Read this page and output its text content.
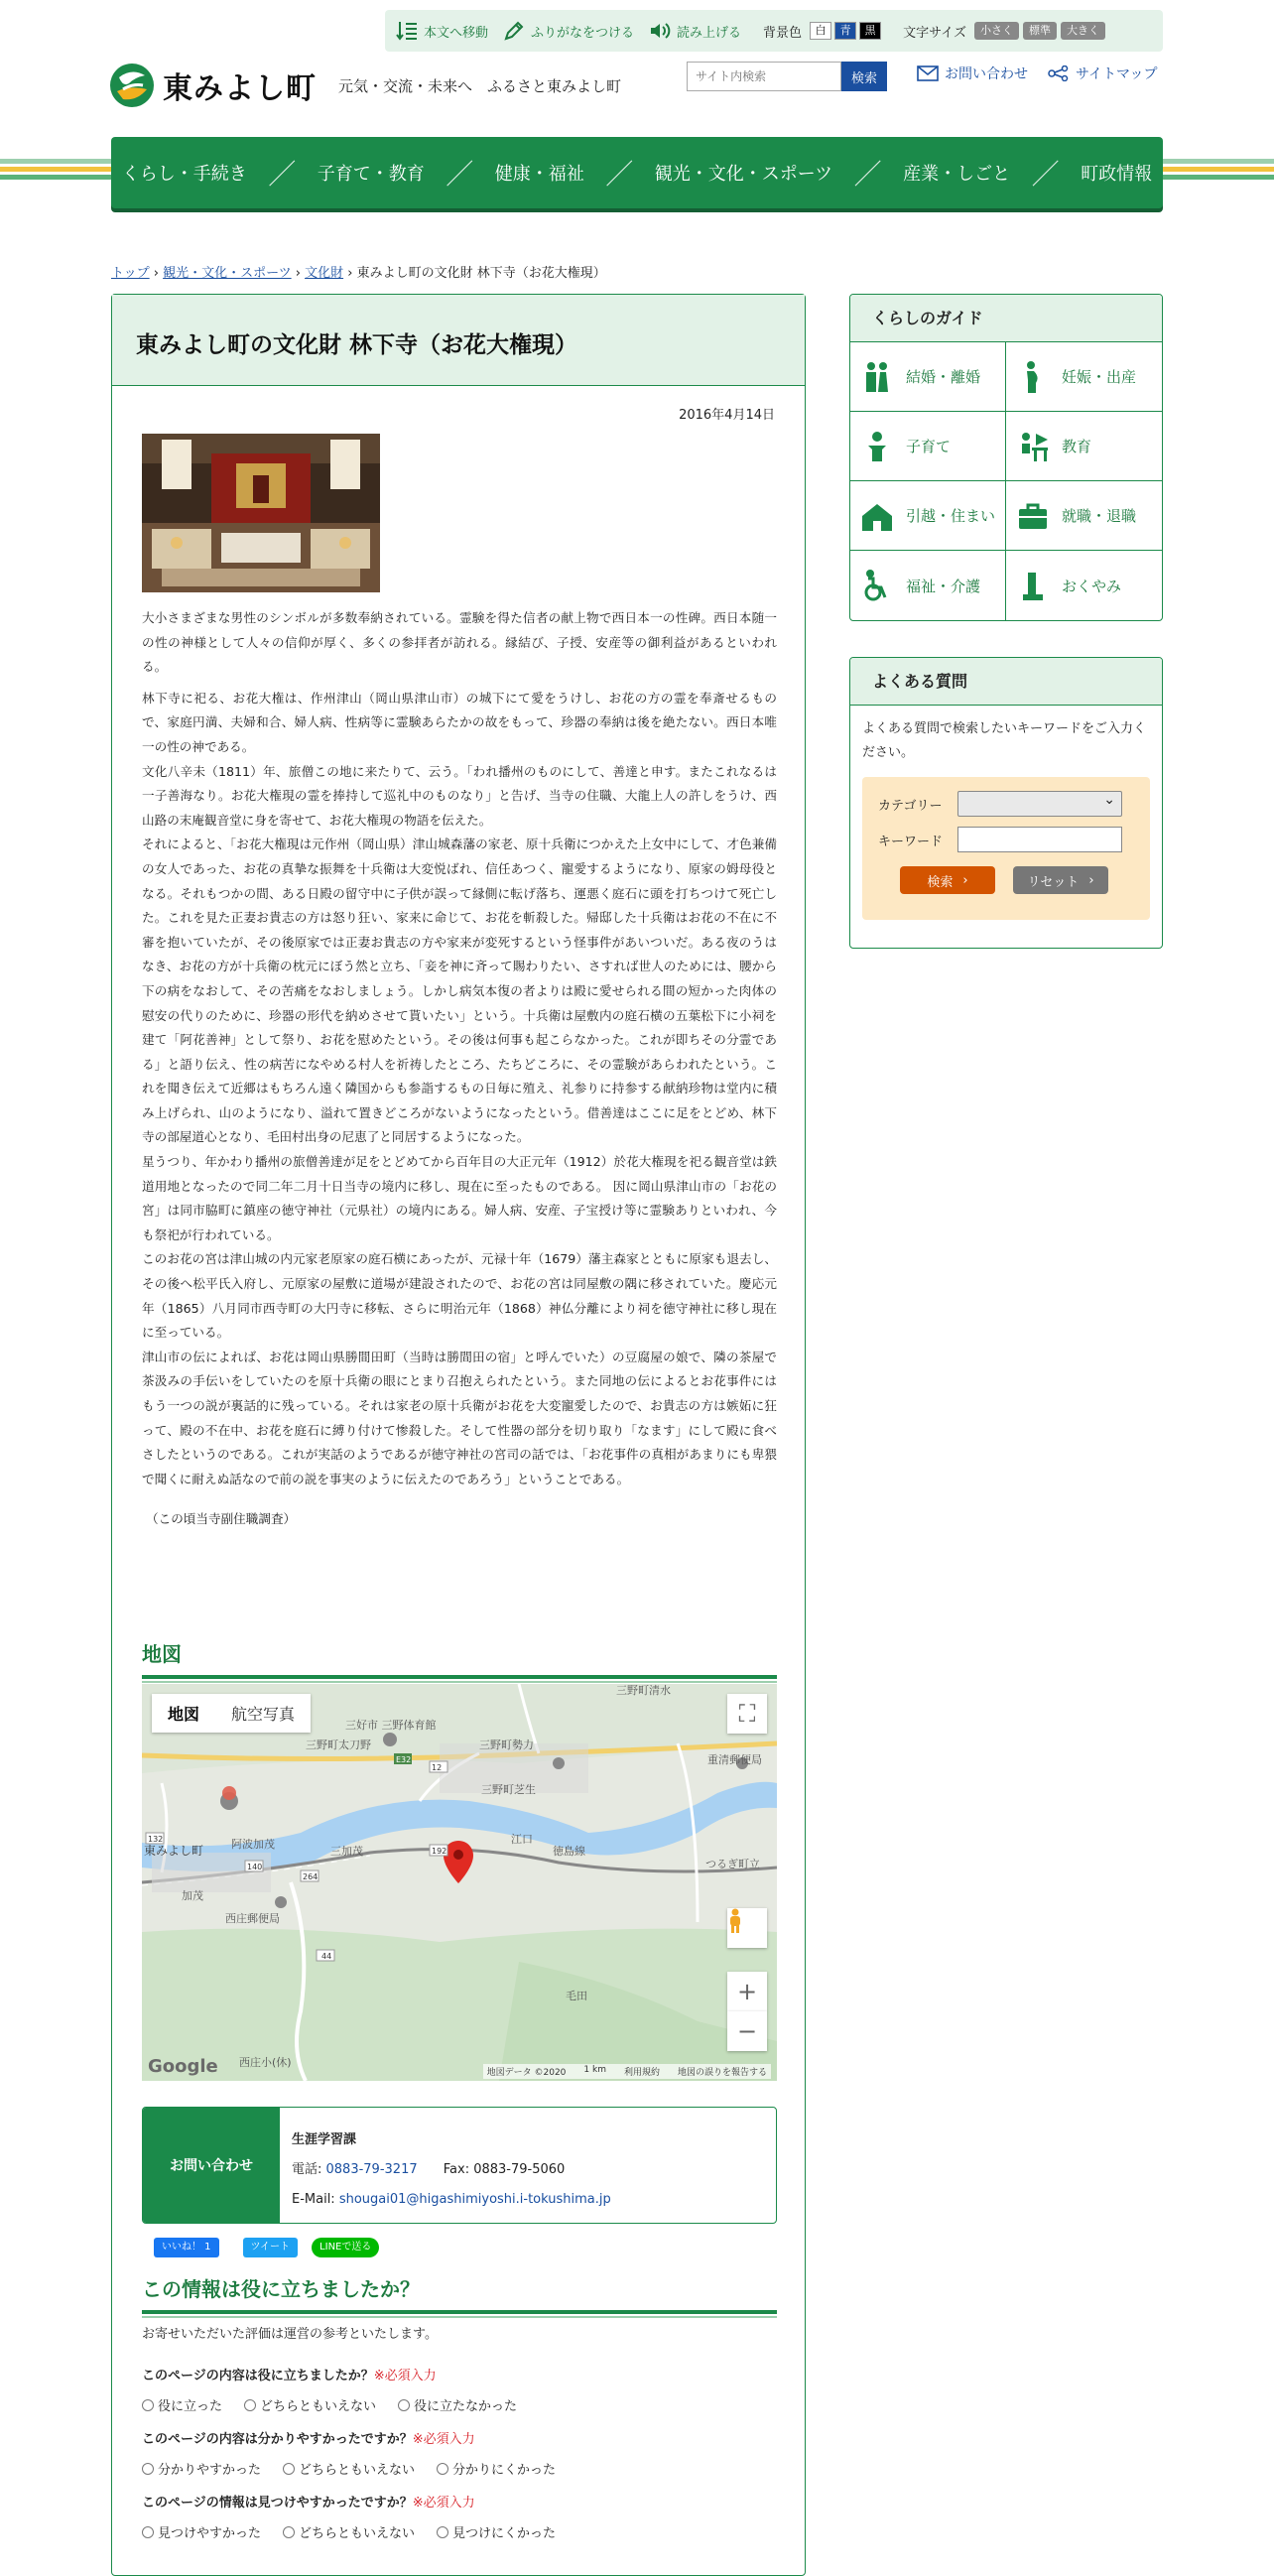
本文へ移動	ふりがなをつける	読み上げる 背景色	白	青	黒	文字サイズ	小さく	標準	大きく
東みよし町 元気・交流・未来へ　ふるさと東みよし町
サイト内検索	検索	お問い合わせ	サイトマップ
くらし・手続き ／ 子育て・教育 ／ 健康・福祉 ／ 観光・文化・スポーツ ／ 産業・しごと ／ 町政情報
トップ › 観光・文化・スポーツ › 文化財 › 東みよし町の文化財 林下寺（お花大権現）
東みよし町の文化財 林下寺（お花大権現）
2016年4月14日

大小さまざまな男性のシンボルが多数奉納されている。霊験を得た信者の献上物で西日本一の性碑。西日本随一の性の神様として人々の信仰が厚く、多くの参拝者が訪れる。縁結び、子授、安産等の御利益があるといわれる。

林下寺に祀る、お花大権は、作州津山（岡山県津山市）の城下にて愛をうけし、お花の方の霊を奉斎せるもので、家庭円満、夫婦和合、婦人病、性病等に霊験あらたかの故をもって、珍器の奉納は後を絶たない。西日本唯一の性の神である。

文化八辛未（1811）年、旅僧この地に来たりて、云う。「われ播州のものにして、善達と申す。またこれなるは一子善海なり。お花大権現の霊を捧持して巡礼中のものなり」と告げ、当寺の住職、大龍上人の許しをうけ、西山路の末庵観音堂に身を寄せて、お花大権現の物語を伝えた。

それによると、「お花大権現は元作州（岡山県）津山城森藩の家老、原十兵衛につかえた上女中にして、才色兼備の女人であった、お花の真摯な振舞を十兵衛は大変悦ばれ、信任あつく、寵愛するようになり、原家の姆母役となる。それもつかの間、ある日殿の留守中に子供が誤って縁側に転げ落ち、運悪く庭石に頭を打ちつけて死亡した。これを見た正妻お貴志の方は怒り狂い、家来に命じて、お花を斬殺した。帰邸した十兵衛はお花の不在に不審を抱いていたが、その後原家では正妻お貴志の方や家来が変死するという怪事件があいついだ。ある夜のうはなき、お花の方が十兵衛の枕元にぼう然と立ち、「妾を神に斉って賜わりたい、さすれば世人のためには、腰から下の病をなおして、その苦痛をなおしましょう。しかし病気本復の者よりは殿に愛せられる間の短かった肉体の慰安の代りのために、珍器の形代を納めさせて貰いたい」という。十兵衛は屋敷内の庭石横の五葉松下に小祠を建て「阿花善神」として祭り、お花を慰めたという。その後は何事も起こらなかった。これが即ちその分霊である」と語り伝え、性の病苦になやめる村人を祈祷したところ、たちどころに、その霊験があらわれたという。これを聞き伝えて近郷はもちろん遠く隣国からも参詣するもの日毎に殖え、礼参りに持参する献納珍物は堂内に積み上げられ、山のようになり、溢れて置きどころがないようになったという。借善達はここに足をとどめ、林下寺の部屋道心となり、毛田村出身の尼恵了と同居するようになった。

星うつり、年かわり播州の旅僧善達が足をとどめてから百年目の大正元年（1912）於花大権現を祀る観音堂は鉄道用地となったので同二年二月十日当寺の境内に移し、現在に至ったものである。 因に岡山県津山市の「お花の宮」は同市脇町に鎮座の徳守神社（元県社）の境内にある。婦人病、安産、子宝授け等に霊験ありといわれ、今も祭祀が行われている。

このお花の宮は津山城の内元家老原家の庭石横にあったが、元禄十年（1679）藩主森家とともに原家も退去し、その後へ松平氏入府し、元原家の屋敷に道場が建設されたので、お花の宮は同屋敷の隅に移されていた。慶応元年（1865）八月同市西寺町の大円寺に移転、さらに明治元年（1868）神仏分離により祠を徳守神社に移し現在に至っている。

津山市の伝によれば、お花は岡山県勝間田町（当時は勝間田の宿」と呼んでいた）の豆腐屋の娘で、隣の茶屋で茶汲みの手伝いをしていたのを原十兵衛の眼にとまり召抱えられたという。また同地の伝によるとお花事件にはもう一つの説が裏話的に残っている。それは家老の原十兵衛がお花を大変寵愛したので、お貴志の方は嫉妬に狂って、殿の不在中、お花を庭石に縛り付けて惨殺した。そして性器の部分を切り取り「なます」にして殿に食べさしたというのである。これが実話のようであるが徳守神社の宮司の話では、「お花事件の真相があまりにも卑猥で聞くに耐えぬ話なので前の説を事実のように伝えたのであろう」ということである。

（この頃当寺副住職調査）

地図
三好市 三野体育館
三野町太刀野
三野町芝生
三野町勢力
三野町清水
重清郵便局
東みよし町	阿波加茂
三加茂
江口
徳島線
加茂
西庄郵便局
つるぎ町立
毛田
西庄小(休)
192
E32
12
264
44
140
132
地図	航空写真	⛶
+
−
Google	地図データ ©2020 1 km 利用規約 地図の誤りを報告する
お問い合わせ
生涯学習課
電話: 0883-79-3217 Fax: 0883-79-5060
E-Mail: shougai01@higashimiyoshi.i-tokushima.jp
いいね！ 1	ツイート	LINEで送る
この情報は役に立ちましたか？
お寄せいただいた評価は運営の参考といたします。
このページの内容は役に立ちましたか？※必須入力
役に立った	どちらともいえない	役に立たなかった
このページの内容は分かりやすかったですか？※必須入力
分かりやすかった	どちらともいえない	分かりにくかった
このページの情報は見つけやすかったですか？※必須入力
見つけやすかった	どちらともいえない	見つけにくかった
くらしのガイド
結婚・離婚	妊娠・出産
子育て	教育
引越・住まい	就職・退職
福祉・介護	おくやみ
よくある質問
よくある質問で検索したいキーワードをご入力ください。
カテゴリー
⌄
キーワード
検索 ›	リセット ›
